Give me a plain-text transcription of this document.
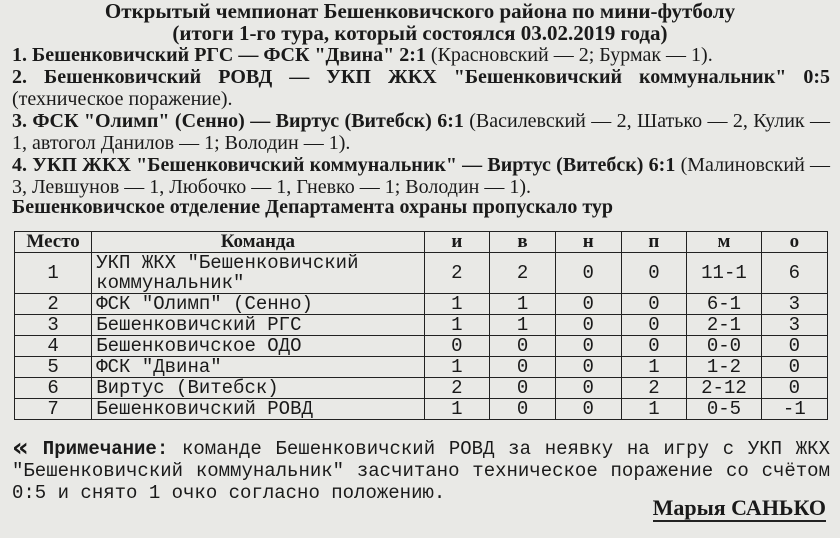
Открытый чемпионат Бешенковичского района по мини-футболу
(итоги 1-го тура, который состоялся 03.02.2019 года)

1. Бешенковичский РГС — ФСК "Двина" 2:1 (Красновский — 2; Бурмак — 1).

2. Бешенковичский РОВД — УКП ЖКХ "Бешенковичский коммунальник" 0:5 (техническое поражение).

3. ФСК "Олимп" (Сенно) — Виртус (Витебск) 6:1 (Василевский — 2, Шатько — 2, Кулик — 1, автогол Данилов — 1; Володин — 1).

4. УКП ЖКХ "Бешенковичский коммунальник" — Виртус (Витебск) 6:1 (Малиновский — 3, Левшунов — 1, Любочко — 1, Гневко — 1; Володин — 1).

Бешенковичское отделение Департамента охраны пропускало тур
Место	Команда	и	в	н	п	м	о
1	УКП ЖКХ "Бешенковичский коммунальник"	2	2	0	0	11-1	6
2	ФСК "Олимп" (Сенно)	1	1	0	0	6-1	3
3	Бешенковичский РГС	1	1	0	0	2-1	3
4	Бешенковичское ОДО	0	0	0	0	0-0	0
5	ФСК "Двина"	1	0	0	1	1-2	0
6	Виртус (Витебск)	2	0	0	2	2-12	0
7	Бешенковичский РОВД	1	0	0	1	0-5	-1
« Примечание: команде Бешенковичский РОВД за неявку на игру с УКП ЖКХ "Бешенковичский коммунальник" засчитано техническое поражение со счётом 0:5 и снято 1 очко согласно положению.
Марыя САНЬКО
